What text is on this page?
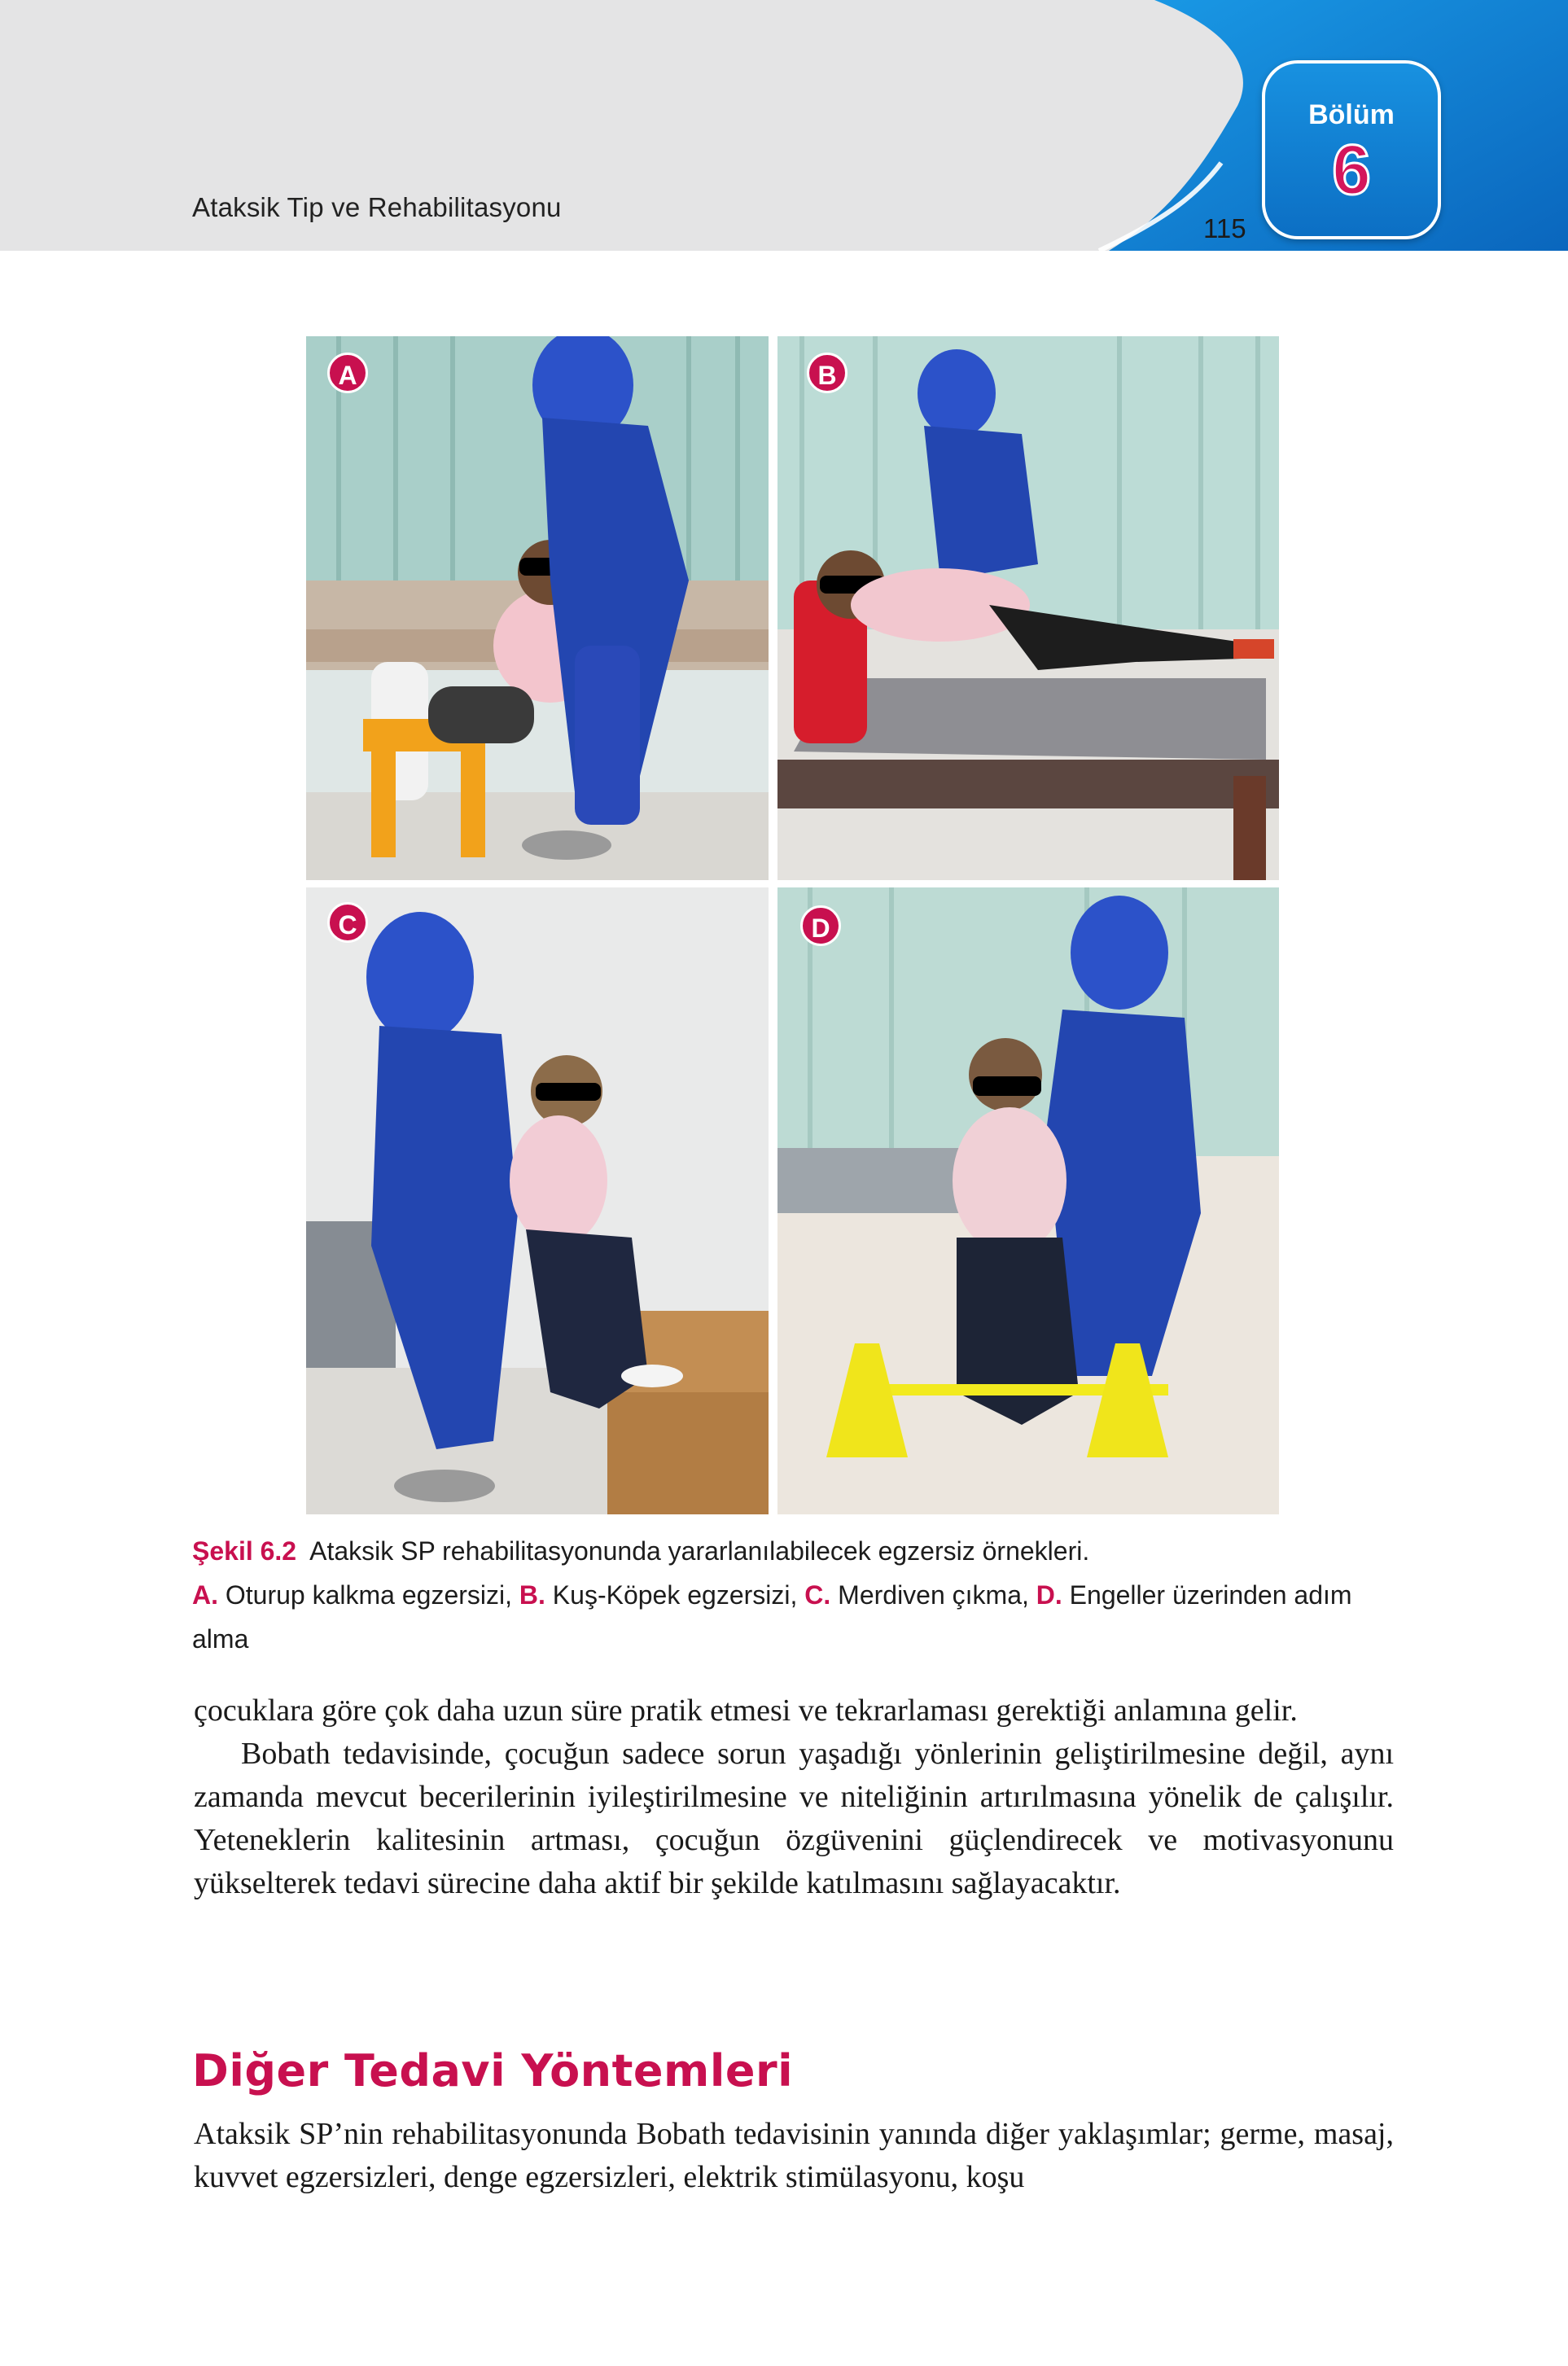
Ataksik Tip ve Rehabilitasyonu
115
Bölüm
6
A	B
C	D
Şekil 6.2 Ataksik SP rehabilitasyonunda yararlanılabilecek egzersiz örnekleri.
A. Oturup kalkma egzersizi, B. Kuş-Köpek egzersizi, C. Merdiven çıkma, D. Engeller üzerinden adım alma

çocuklara göre çok daha uzun süre pratik etmesi ve tekrarlaması gerektiği anlamına gelir.

Bobath tedavisinde, çocuğun sadece sorun yaşadığı yönlerinin geliştirilmesine değil, aynı zamanda mevcut becerilerinin iyileştirilmesine ve niteliğinin artırılmasına yönelik de çalışılır. Yeteneklerin kalitesinin artması, çocuğun özgüvenini güçlendirecek ve motivasyonunu yükselterek tedavi sürecine daha aktif bir şekilde katılmasını sağlayacaktır.

Diğer Tedavi Yöntemleri

Ataksik SP’nin rehabilitasyonunda Bobath tedavisinin yanında diğer yaklaşımlar; germe, masaj, kuvvet egzersizleri, denge egzersizleri, elektrik stimülasyonu, koşu
